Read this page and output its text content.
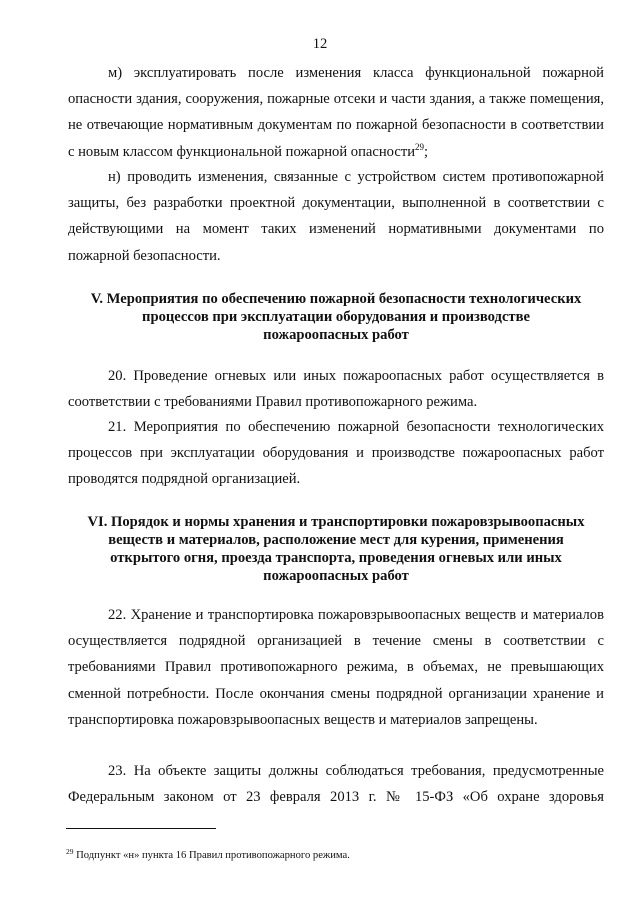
12

м) эксплуатировать после изменения класса функциональной пожарной опасности здания, сооружения, пожарные отсеки и части здания, а также помещения, не отвечающие нормативным документам по пожарной безопасности в соответствии с новым классом функциональной пожарной опасности$^{29}$;

н) проводить изменения, связанные с устройством систем противопожарной защиты, без разработки проектной документации, выполненной в соответствии с действующими на момент таких изменений нормативными документами по пожарной безопасности.

V. Мероприятия по обеспечению пожарной безопасности технологических
процессов при эксплуатации оборудования и производстве
пожароопасных работ

20. Проведение огневых или иных пожароопасных работ осуществляется в соответствии с требованиями Правил противопожарного режима.

21. Мероприятия по обеспечению пожарной безопасности технологических процессов при эксплуатации оборудования и производстве пожароопасных работ проводятся подрядной организацией.

VI. Порядок и нормы хранения и транспортировки пожаровзрывоопасных
веществ и материалов, расположение мест для курения, применения
открытого огня, проезда транспорта, проведения огневых или иных
пожароопасных работ

22. Хранение и транспортировка пожаровзрывоопасных веществ и материалов осуществляется подрядной организацией в течение смены в соответствии с требованиями Правил противопожарного режима, в объемах, не превышающих сменной потребности. После окончания смены подрядной организации хранение и транспортировка пожаровзрывоопасных веществ и материалов запрещены.

23. На объекте защиты должны соблюдаться требования, предусмотренные Федеральным законом от 23 февраля 2013 г. № 15-ФЗ «Об охране здоровья

$^{29}$ Подпункт «н» пункта 16 Правил противопожарного режима.
